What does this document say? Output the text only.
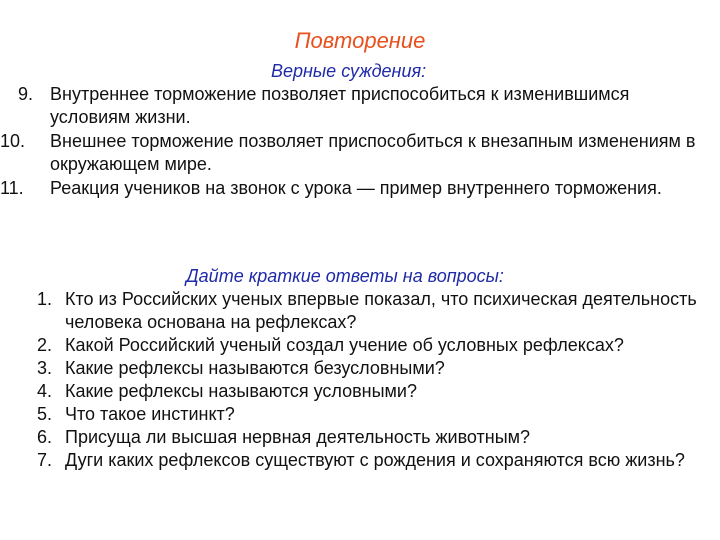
Повторение
Верные суждения:
9. Внутреннее торможение позволяет приспособиться к изменившимся условиям жизни.
10. Внешнее торможение позволяет приспособиться к внезапным изменениям в окружающем мире.
11. Реакция учеников на звонок с урока — пример внутреннего торможения.
Дайте краткие ответы на вопросы:
1. Кто из Российских ученых впервые показал, что психическая деятельность человека основана на рефлексах?
2. Какой Российский ученый создал учение об условных рефлексах?
3. Какие рефлексы называются безусловными?
4. Какие рефлексы называются условными?
5. Что такое инстинкт?
6. Присуща ли высшая нервная деятельность животным?
7. Дуги каких рефлексов существуют с рождения и сохраняются всю жизнь?
